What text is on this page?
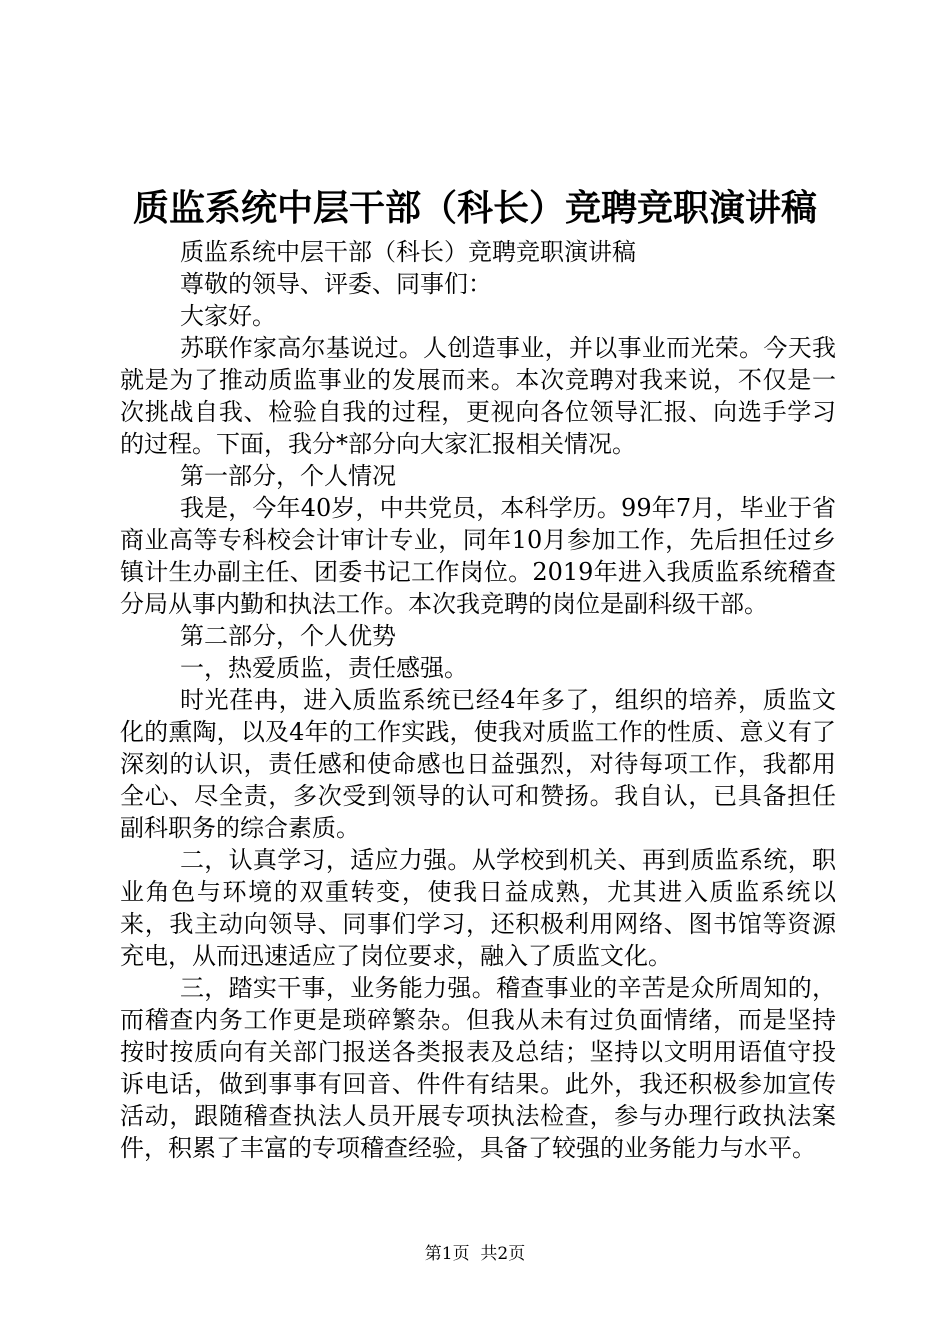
质监系统中层干部（科长）竞聘竞职演讲稿

质监系统中层干部（科长）竞聘竞职演讲稿

尊敬的领导、评委、同事们：

大家好。

苏联作家高尔基说过。人创造事业，并以事业而光荣。今天我就是为了推动质监事业的发展而来。本次竞聘对我来说，不仅是一次挑战自我、检验自我的过程，更视向各位领导汇报、向选手学习的过程。下面，我分*部分向大家汇报相关情况。

第一部分，个人情况

我是，今年40岁，中共党员，本科学历。99年7月，毕业于省商业高等专科校会计审计专业，同年10月参加工作，先后担任过乡镇计生办副主任、团委书记工作岗位。2019年进入我质监系统稽查分局从事内勤和执法工作。本次我竞聘的岗位是副科级干部。

第二部分，个人优势

一，热爱质监，责任感强。

时光荏冉，进入质监系统已经4年多了，组织的培养，质监文化的熏陶，以及4年的工作实践，使我对质监工作的性质、意义有了深刻的认识，责任感和使命感也日益强烈，对待每项工作，我都用全心、尽全责，多次受到领导的认可和赞扬。我自认，已具备担任副科职务的综合素质。

二，认真学习，适应力强。从学校到机关、再到质监系统，职业角色与环境的双重转变，使我日益成熟，尤其进入质监系统以来，我主动向领导、同事们学习，还积极利用网络、图书馆等资源充电，从而迅速适应了岗位要求，融入了质监文化。

三，踏实干事，业务能力强。稽查事业的辛苦是众所周知的，而稽查内务工作更是琐碎繁杂。但我从未有过负面情绪，而是坚持按时按质向有关部门报送各类报表及总结；坚持以文明用语值守投诉电话，做到事事有回音、件件有结果。此外，我还积极参加宣传活动，跟随稽查执法人员开展专项执法检查，参与办理行政执法案件，积累了丰富的专项稽查经验，具备了较强的业务能力与水平。

第1页  共2页
